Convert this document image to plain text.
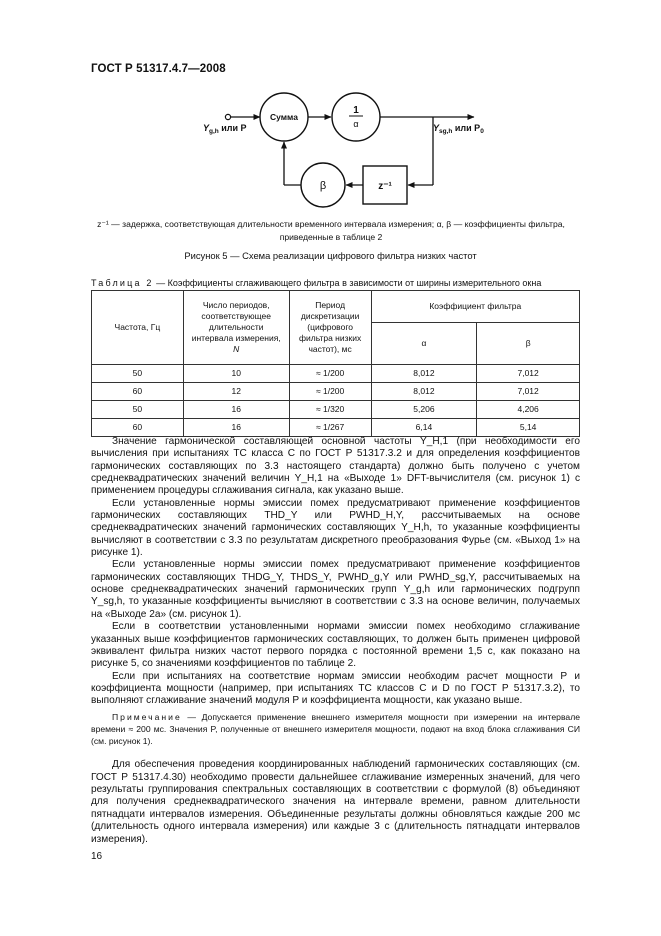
ГОСТ Р 51317.4.7—2008
Сумма
1
α
z⁻¹
β
$Y_{g,h}$ или P	$Y_{sg,h}$ или $P_0$
z⁻¹ — задержка, соответствующая длительности временного интервала измерения; α, β — коэффициенты фильтра, приведенные в таблице 2
Рисунок 5 — Схема реализации цифрового фильтра низких частот
Таблица 2 — Коэффициенты сглаживающего фильтра в зависимости от ширины измерительного окна
Частота, Гц	Число периодов, соответствующее длительности интервала измерения, N	Период дискретизации (цифрового фильтра низких частот), мс	Коэффициент фильтра	
			α	β
50	10	≈ 1/200	8,012	7,012
60	12	≈ 1/200	8,012	7,012
50	16	≈ 1/320	5,206	4,206
60	16	≈ 1/267	6,14	5,14

Значение гармонической составляющей основной частоты Y_H,1 (при необходимости его вычисления при испытаниях ТС класса С по ГОСТ Р 51317.3.2 и для определения коэффициентов гармонических составляющих по 3.3 настоящего стандарта) должно быть получено с учетом среднеквадратических значений величин Y_H,1 на «Выходе 1» DFT-вычислителя (см. рисунок 1) с применением процедуры сглаживания сигнала, как указано выше.

Если установленные нормы эмиссии помех предусматривают применение коэффициентов гармонических составляющих THD_Y или PWHD_H,Y, рассчитываемых на основе среднеквадратических значений гармонических составляющих Y_H,h, то указанные коэффициенты вычисляют в соответствии с 3.3 по результатам дискретного преобразования Фурье (см. «Выход 1» на рисунке 1).

Если установленные нормы эмиссии помех предусматривают применение коэффициентов гармонических составляющих THDG_Y, THDS_Y, PWHD_g,Y или PWHD_sg,Y, рассчитываемых на основе среднеквадратических значений гармонических групп Y_g,h или гармонических подгрупп Y_sg,h, то указанные коэффициенты вычисляют в соответствии с 3.3 на основе величин, получаемых на «Выходе 2а» (см. рисунок 1).

Если в соответствии установленными нормами эмиссии помех необходимо сглаживание указанных выше коэффициентов гармонических составляющих, то должен быть применен цифровой эквивалент фильтра низких частот первого порядка с постоянной времени 1,5 с, как показано на рисунке 5, со значениями коэффициентов по таблице 2.

Если при испытаниях на соответствие нормам эмиссии необходим расчет мощности P и коэффициента мощности (например, при испытаниях ТС классов С и D по ГОСТ Р 51317.3.2), то выполняют сглаживание значений модуля P и коэффициента мощности, как указано выше.

Примечание — Допускается применение внешнего измерителя мощности при измерении на интервале времени ≈ 200 мс. Значения P, полученные от внешнего измерителя мощности, подают на вход блока сглаживания СИ (см. рисунок 1).

Для обеспечения проведения координированных наблюдений гармонических составляющих (см. ГОСТ Р 51317.4.30) необходимо провести дальнейшее сглаживание измеренных значений, для чего результаты группирования спектральных составляющих в соответствии с формулой (8) объединяют для получения среднеквадратического значения на интервале времени, равном длительности пятнадцати интервалов измерения. Объединенные результаты должны обновляться каждые 200 мс (длительность одного интервала измерения) или каждые 3 с (длительность пятнадцати интервалов измерения).

16
